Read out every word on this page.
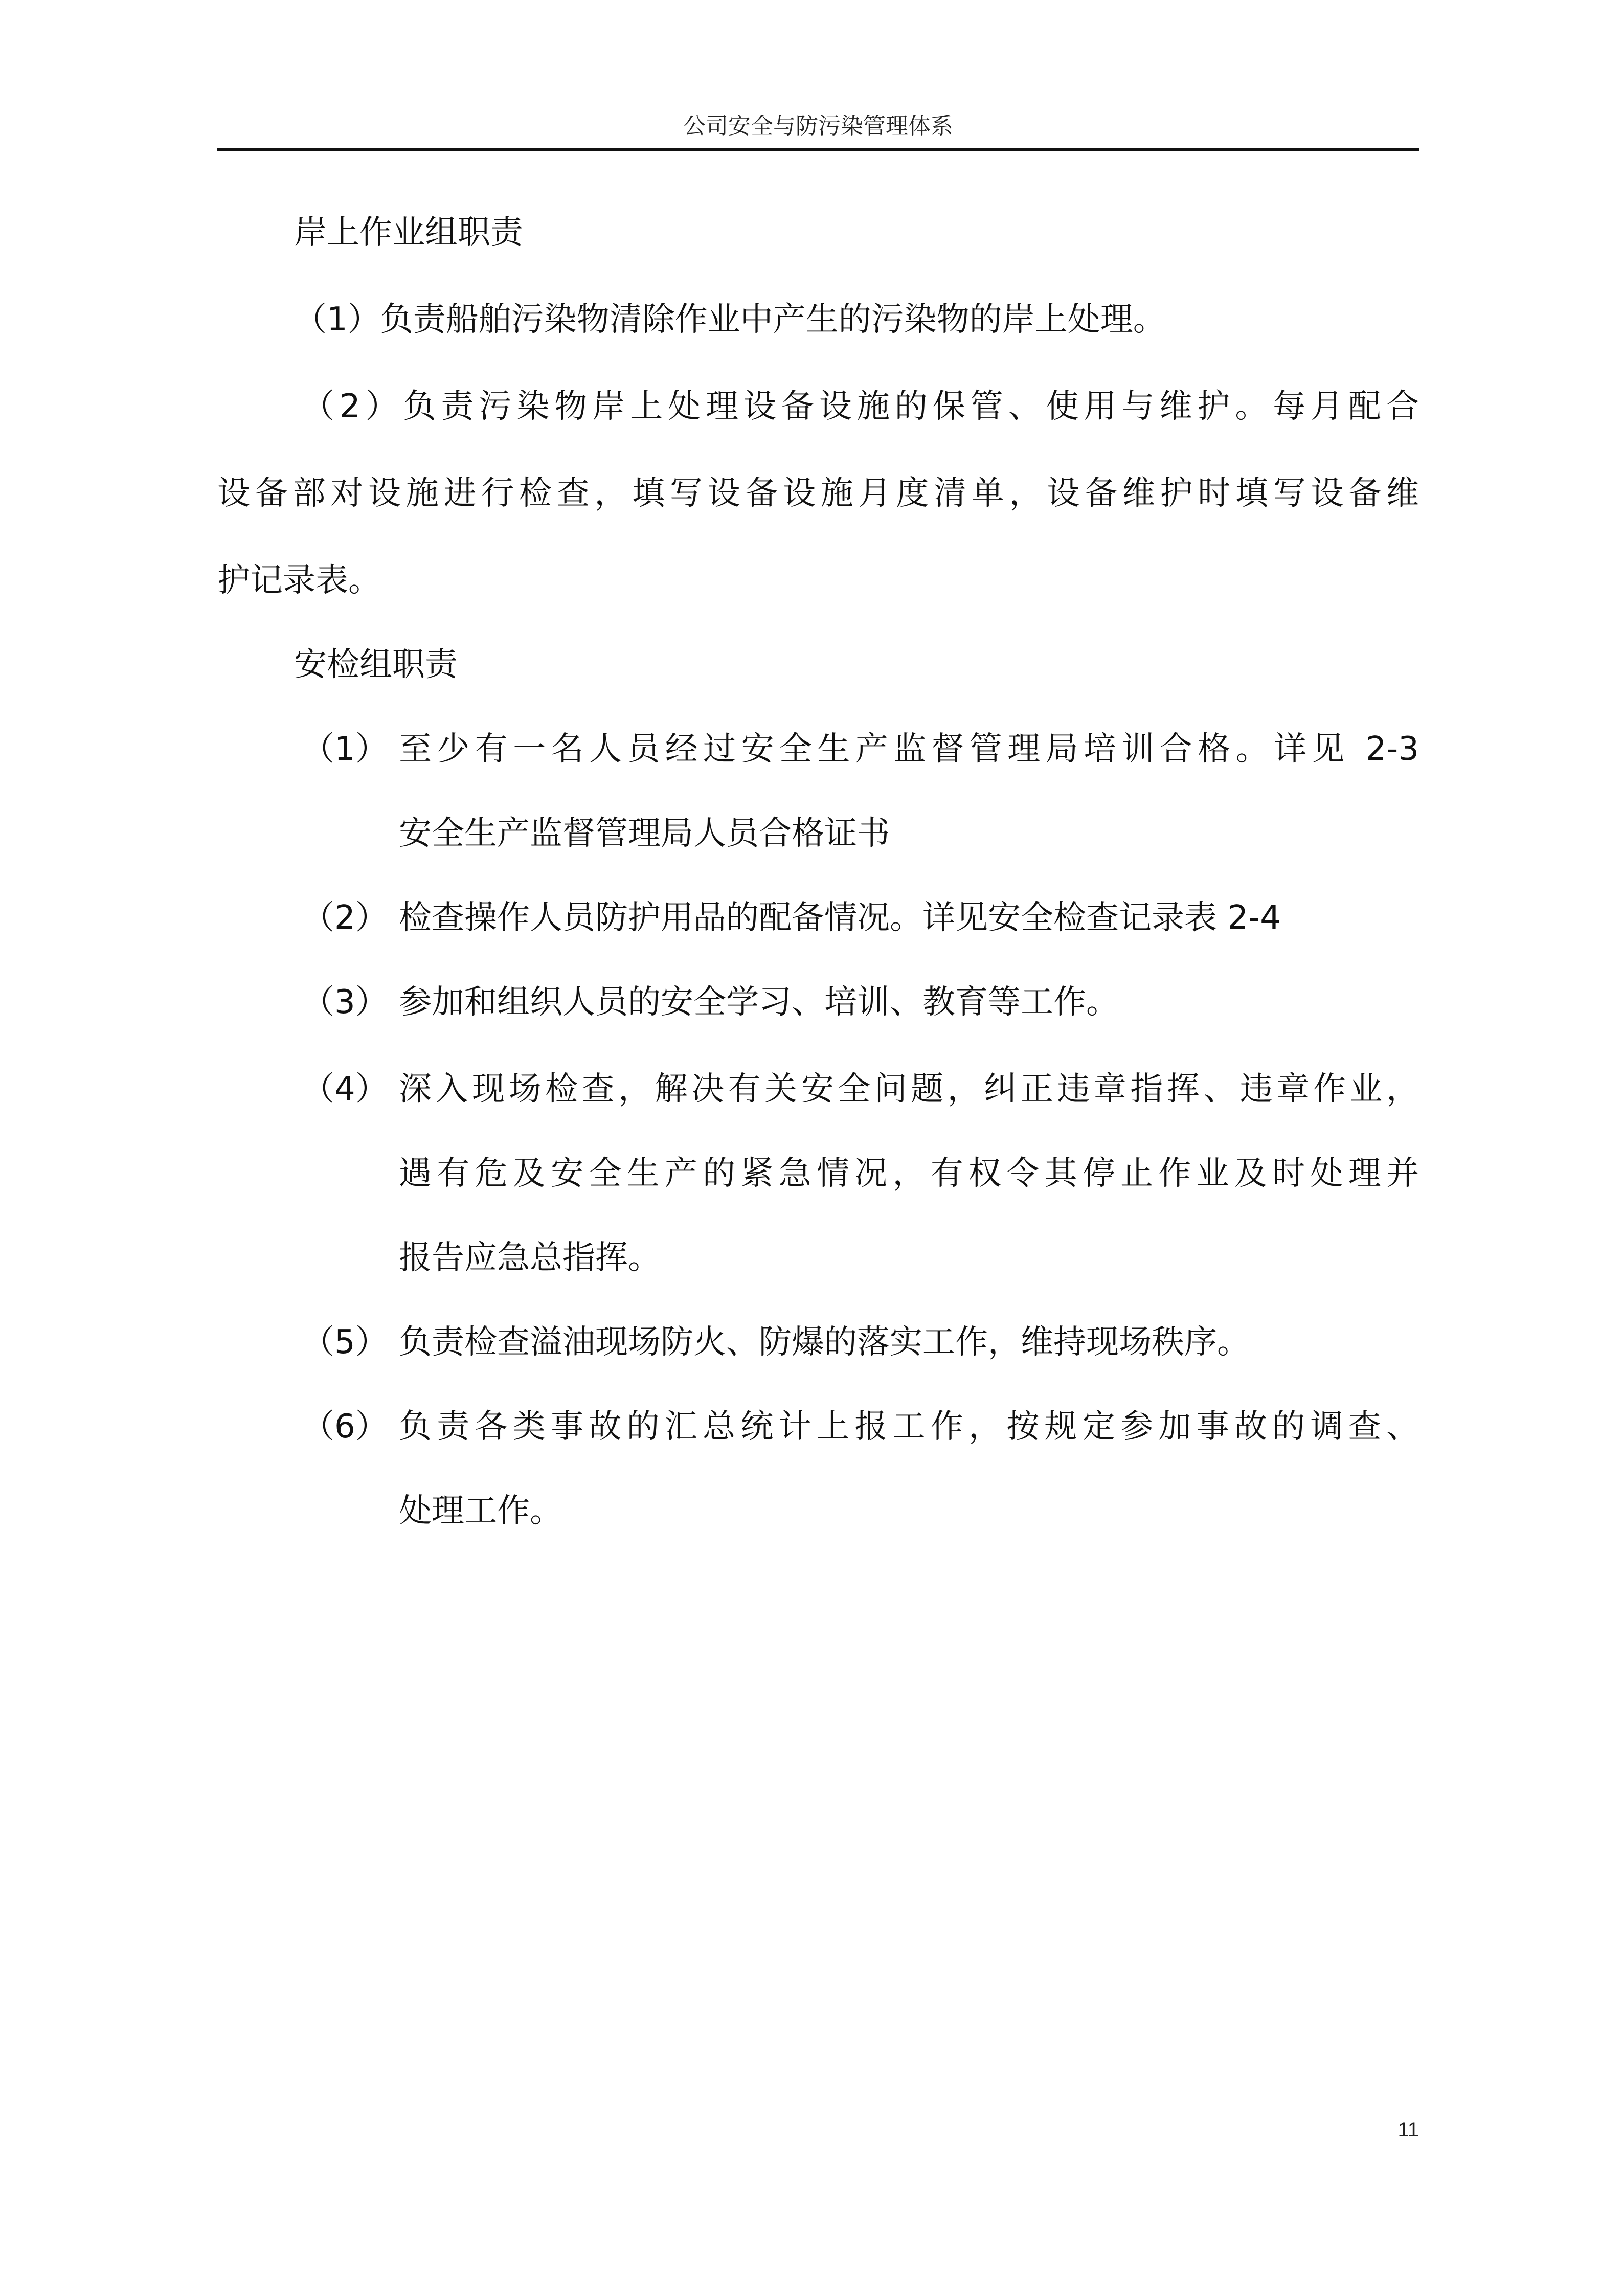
公司安全与防污染管理体系
岸上作业组职责
（1）负责船舶污染物清除作业中产生的污染物的岸上处理。
（2）负责污染物岸上处理设备设施的保管、使用与维护。每月配合
设备部对设施进行检查，填写设备设施月度清单，设备维护时填写设备维
护记录表。
安检组职责
（1） 至少有一名人员经过安全生产监督管理局培训合格。详见 2-3
安全生产监督管理局人员合格证书
（2） 检查操作人员防护用品的配备情况。详见安全检查记录表 2-4
（3） 参加和组织人员的安全学习、培训、教育等工作。
（4） 深入现场检查，解决有关安全问题，纠正违章指挥、违章作业，
遇有危及安全生产的紧急情况，有权令其停止作业及时处理并
报告应急总指挥。
（5） 负责检查溢油现场防火、防爆的落实工作，维持现场秩序。
（6） 负责各类事故的汇总统计上报工作，按规定参加事故的调查、
处理工作。
11
